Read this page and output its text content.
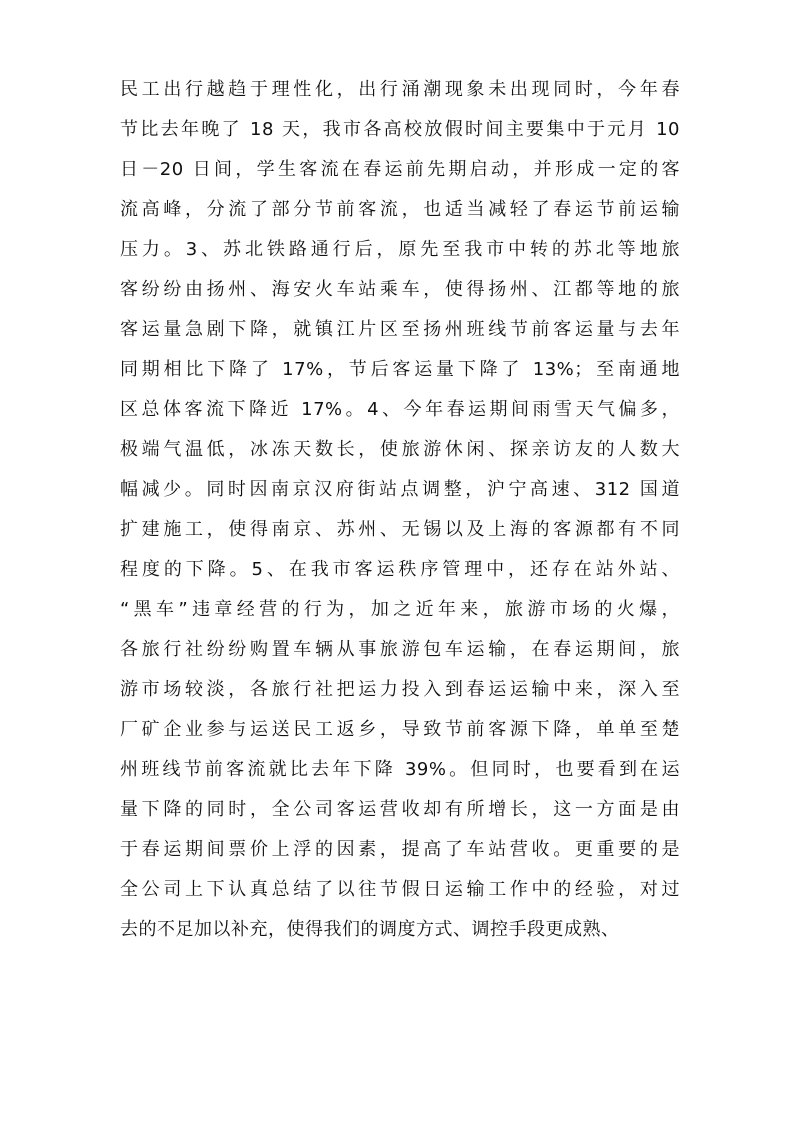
民工出行越趋于理性化，出行涌潮现象未出现同时，今年春
节比去年晚了 18 天，我市各高校放假时间主要集中于元月 10
日－20 日间，学生客流在春运前先期启动，并形成一定的客
流高峰，分流了部分节前客流，也适当减轻了春运节前运输
压力。3、苏北铁路通行后，原先至我市中转的苏北等地旅
客纷纷由扬州、海安火车站乘车，使得扬州、江都等地的旅
客运量急剧下降，就镇江片区至扬州班线节前客运量与去年
同期相比下降了 17%，节后客运量下降了 13%；至南通地
区总体客流下降近 17%。4、今年春运期间雨雪天气偏多，
极端气温低，冰冻天数长，使旅游休闲、探亲访友的人数大
幅减少。同时因南京汉府街站点调整，沪宁高速、312 国道
扩建施工，使得南京、苏州、无锡以及上海的客源都有不同
程度的下降。5、在我市客运秩序管理中，还存在站外站、
“黑车”违章经营的行为，加之近年来，旅游市场的火爆，
各旅行社纷纷购置车辆从事旅游包车运输，在春运期间，旅
游市场较淡，各旅行社把运力投入到春运运输中来，深入至
厂矿企业参与运送民工返乡，导致节前客源下降，单单至楚
州班线节前客流就比去年下降 39%。但同时，也要看到在运
量下降的同时，全公司客运营收却有所增长，这一方面是由
于春运期间票价上浮的因素，提高了车站营收。更重要的是
全公司上下认真总结了以往节假日运输工作中的经验，对过
去的不足加以补充，使得我们的调度方式、调控手段更成熟、
